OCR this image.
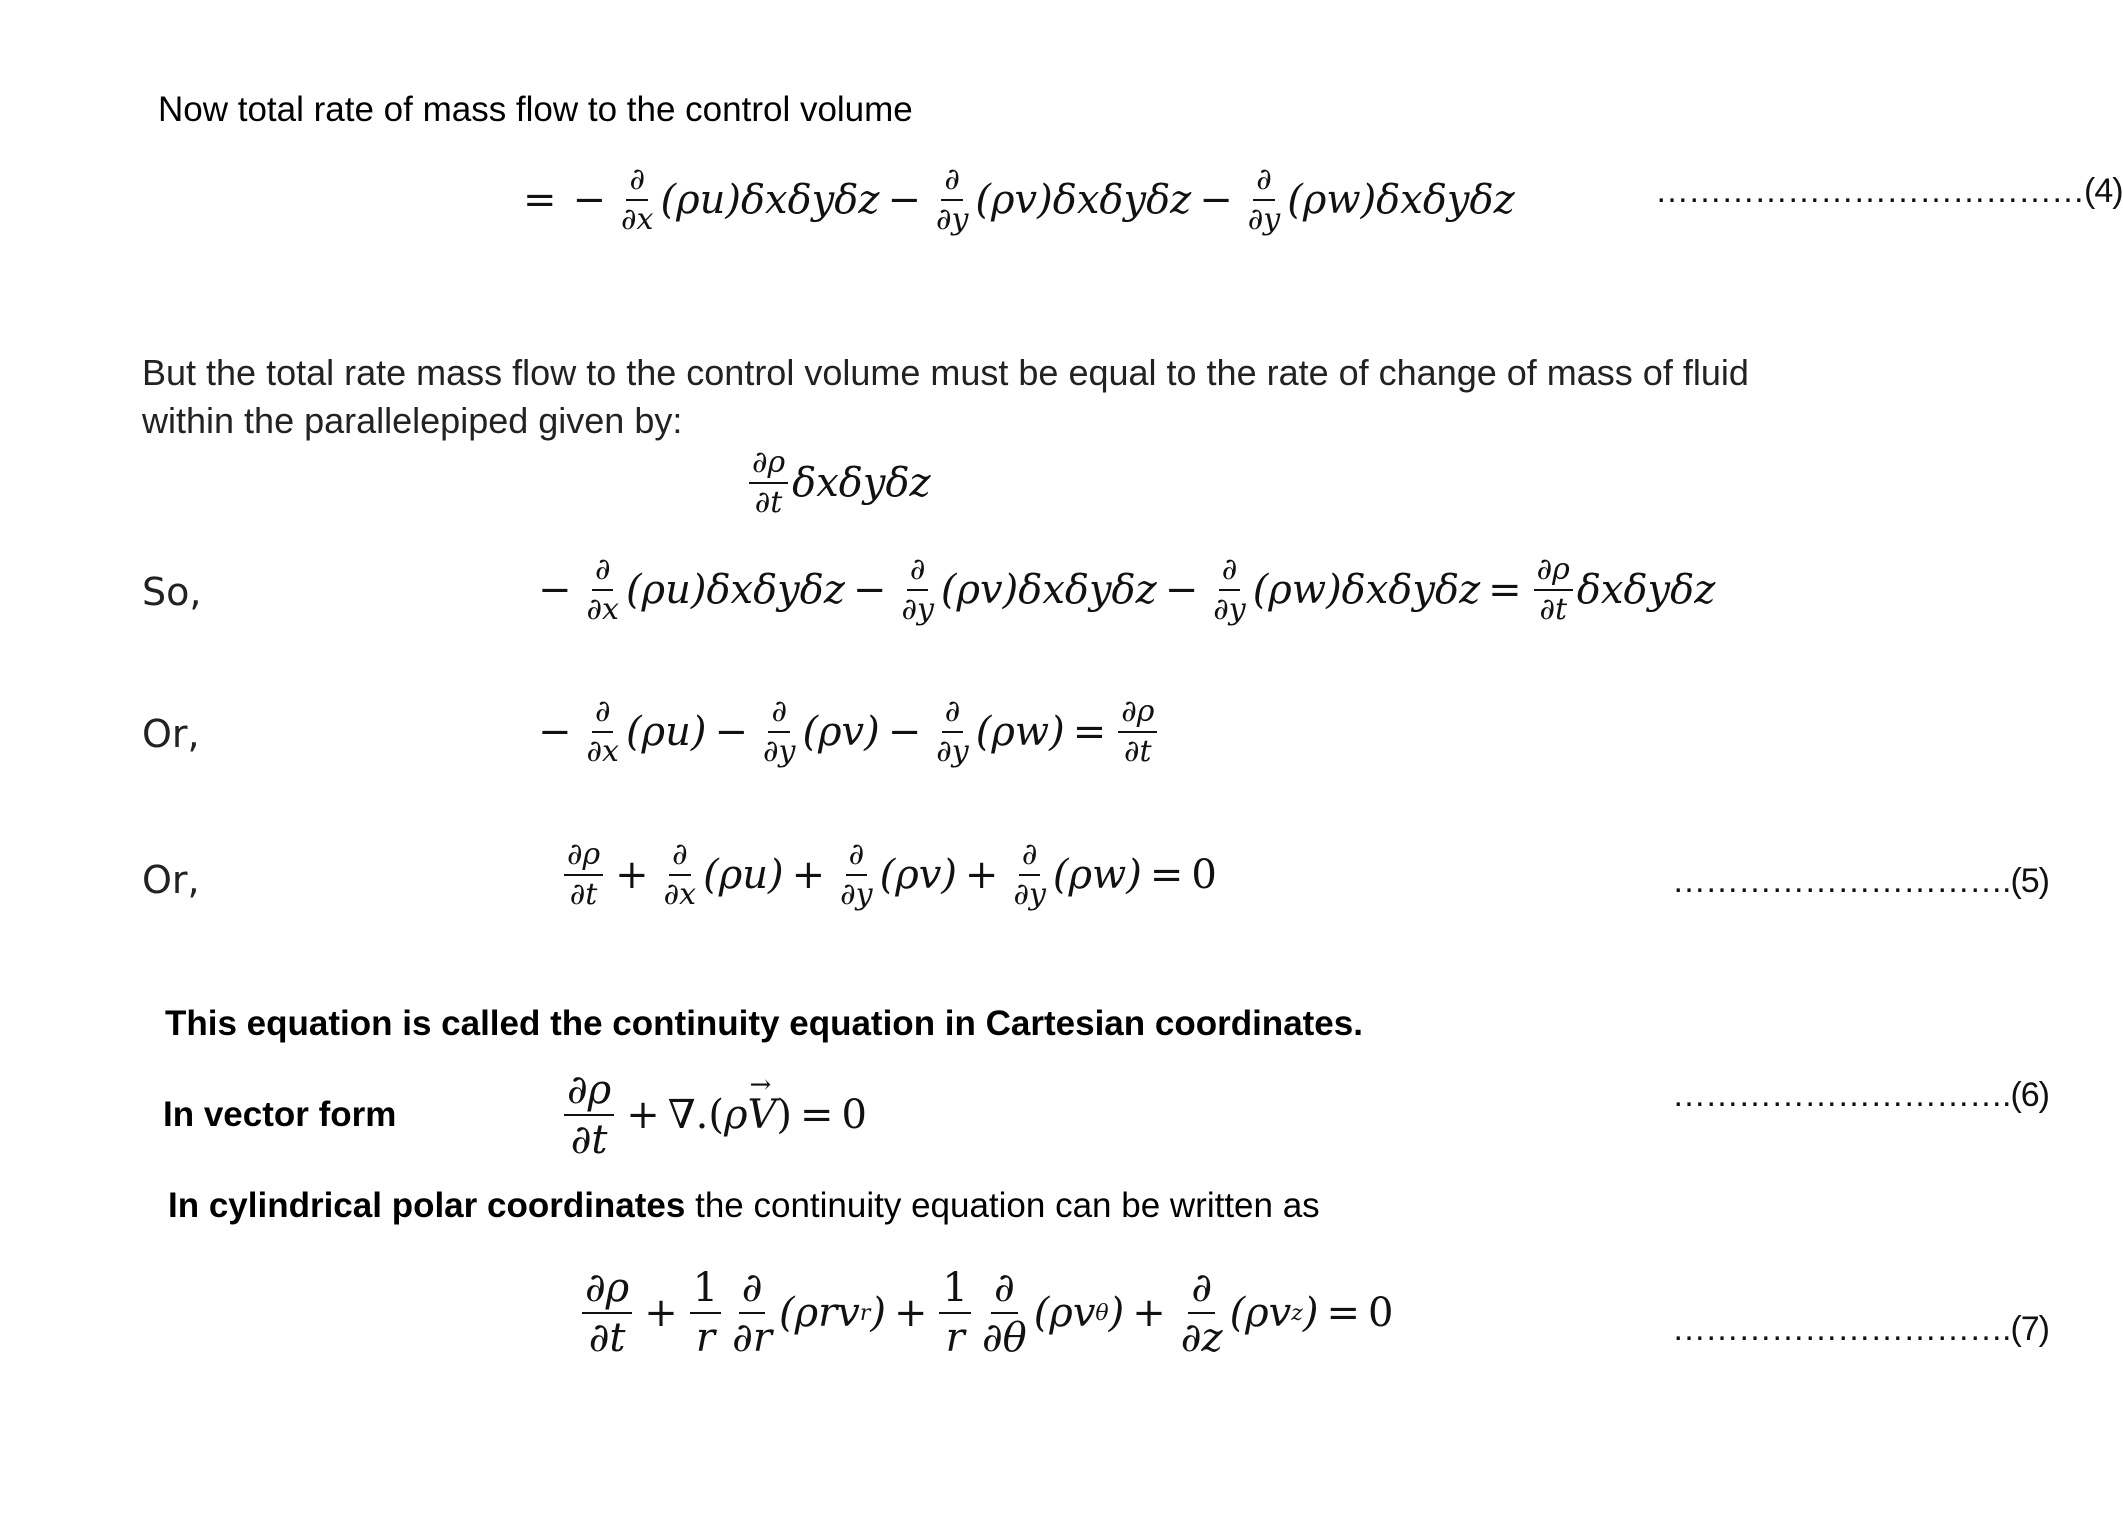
Now total rate of mass flow to the control volume
= − $\frac{\partial}{\partial x} (\rho u)\delta x\delta y\delta z - \frac{\partial}{\partial y} (\rho v)\delta x\delta y\delta z - \frac{\partial}{\partial y} (\rho w)\delta x\delta y\delta z$	…………………………………(4)
But the total rate mass flow to the control volume must be equal to the rate of change of mass of fluid
within the parallelepiped given by:
$\frac{\partial\rho}{\partial t}$ δxδyδz
So,	− $\frac{\partial}{\partial x} (\rho u)\delta x\delta y\delta z - \frac{\partial}{\partial y} (\rho v)\delta x\delta y\delta z - \frac{\partial}{\partial y} (\rho w)\delta x\delta y\delta z = \frac{\partial\rho}{\partial t}$ δxδyδz
Or,	− $\frac{\partial}{\partial x} (\rho u) - \frac{\partial}{\partial y} (\rho v) - \frac{\partial}{\partial y} (\rho w) = \frac{\partial\rho}{\partial t}$
Or,	$\frac{\partial\rho}{\partial t} + \frac{\partial}{\partial x} (\rho u) + \frac{\partial}{\partial y} (\rho v) + \frac{\partial}{\partial y} (\rho w) = 0$	………………………….(5)
This equation is called the continuity equation in Cartesian coordinates.
In vector form	$\frac{\partial\rho}{\partial t}$ + ∇. ( ρ
→ V ) = 0	………………………….(6)
In cylindrical polar coordinates the continuity equation can be written as
$\frac{\partial\rho}{\partial t} + \frac{1}{r} \frac{\partial}{\partial r} (\rho rv$ r ) + $\frac{1}{r} \frac{\partial}{\partial\theta} (\rho v$ θ ) + $\frac{\partial}{\partial z} (\rho v$ z ) = 0	………………………….(7)
